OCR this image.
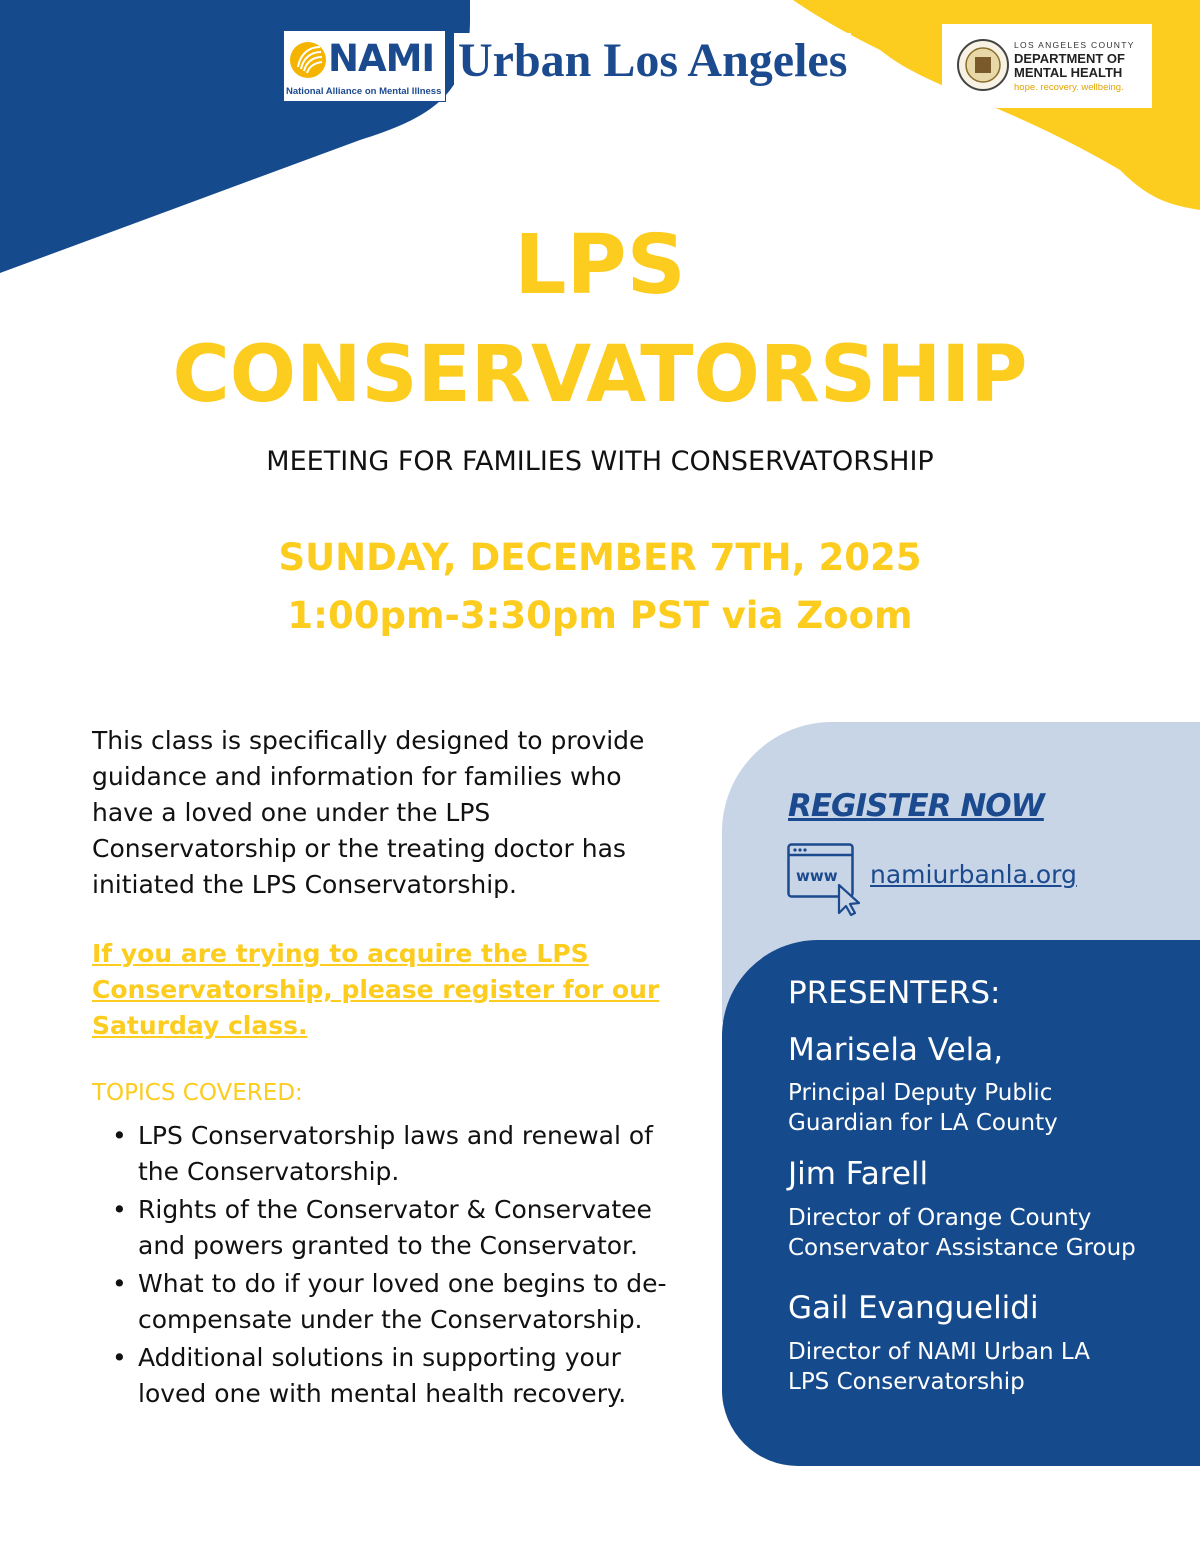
NAMI
National Alliance on Mental Illness
Urban Los Angeles	LOS ANGELES COUNTY
DEPARTMENT OF
MENTAL HEALTH
hope. recovery. wellbeing.
LPS
CONSERVATORSHIP
MEETING FOR FAMILIES WITH CONSERVATORSHIP
SUNDAY, DECEMBER 7TH, 2025
1:00pm-3:30pm PST via Zoom
This class is specifically designed to provide guidance and information for families who have a loved one under the LPS Conservatorship or the treating doctor has initiated the LPS Conservatorship.
If you are trying to acquire the LPS Conservatorship, please register for our Saturday class.
TOPICS COVERED:
• LPS Conservatorship laws and renewal of the Conservatorship.
• Rights of the Conservator & Conservatee and powers granted to the Conservator.
• What to do if your loved one begins to de-compensate under the Conservatorship.
• Additional solutions in supporting your loved one with mental health recovery.
REGISTER NOW
www namiurbanla.org
PRESENTERS:
Marisela Vela,
Principal Deputy Public
Guardian for LA County
Jim Farell
Director of Orange County
Conservator Assistance Group
Gail Evanguelidi
Director of NAMI Urban LA
LPS Conservatorship
